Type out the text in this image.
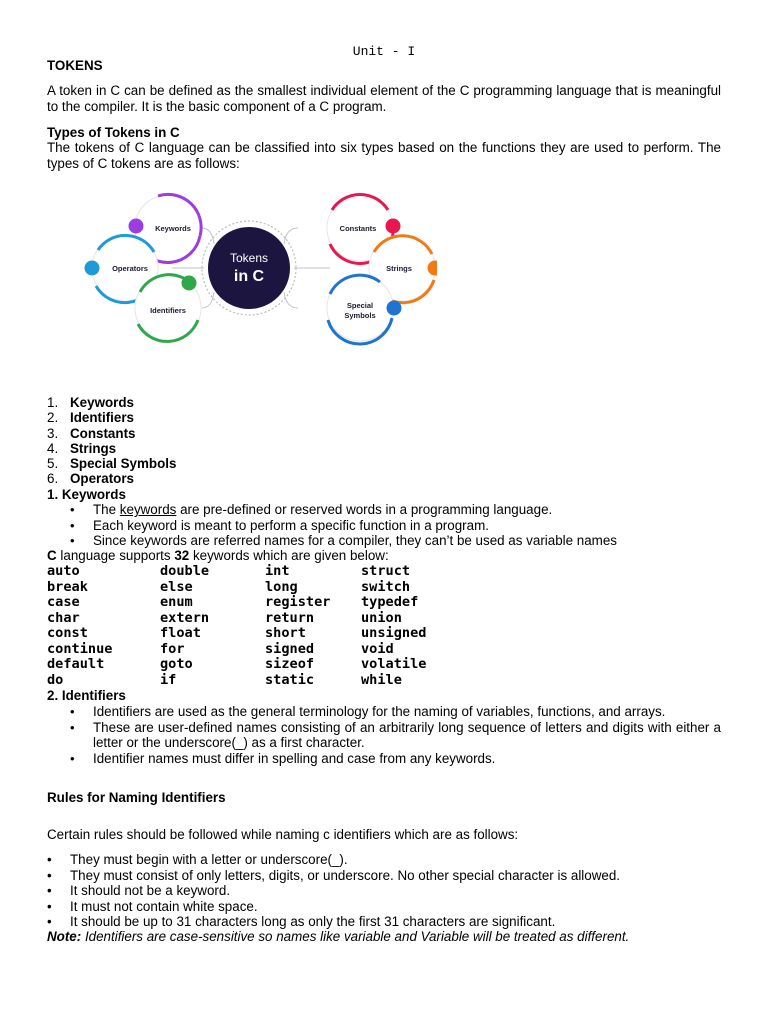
Unit - I
TOKENS
A token in C can be defined as the smallest individual element of the C programming language that is meaningful to the compiler. It is the basic component of a C program.
Types of Tokens in C
The tokens of C language can be classified into six types based on the functions they are used to perform. The types of C tokens are as follows:
Tokens
in C
Keywords	Constants
Operators	Strings
Identifiers
Special
Symbols
1. Keywords
2. Identifiers
3. Constants
4. Strings
5. Special Symbols
6. Operators
1. Keywords
• The keywords are pre-defined or reserved words in a programming language.
• Each keyword is meant to perform a specific function in a program.
• Since keywords are referred names for a compiler, they can’t be used as variable names
C language supports 32 keywords which are given below:
auto	double	int	struct
break	else	long	switch
case	enum	register typedef
char	extern	return	union
const	float	short	unsigned
continue	for	signed	void
default	goto	sizeof	volatile
do	if	static	while
2. Identifiers
• Identifiers are used as the general terminology for the naming of variables, functions, and arrays.
• These are user-defined names consisting of an arbitrarily long sequence of letters and digits with either a letter or the underscore(_) as a first character.
• Identifier names must differ in spelling and case from any keywords.
Rules for Naming Identifiers
Certain rules should be followed while naming c identifiers which are as follows:
• They must begin with a letter or underscore(_).
• They must consist of only letters, digits, or underscore. No other special character is allowed.
• It should not be a keyword.
• It must not contain white space.
• It should be up to 31 characters long as only the first 31 characters are significant.
Note: Identifiers are case-sensitive so names like variable and Variable will be treated as different.
